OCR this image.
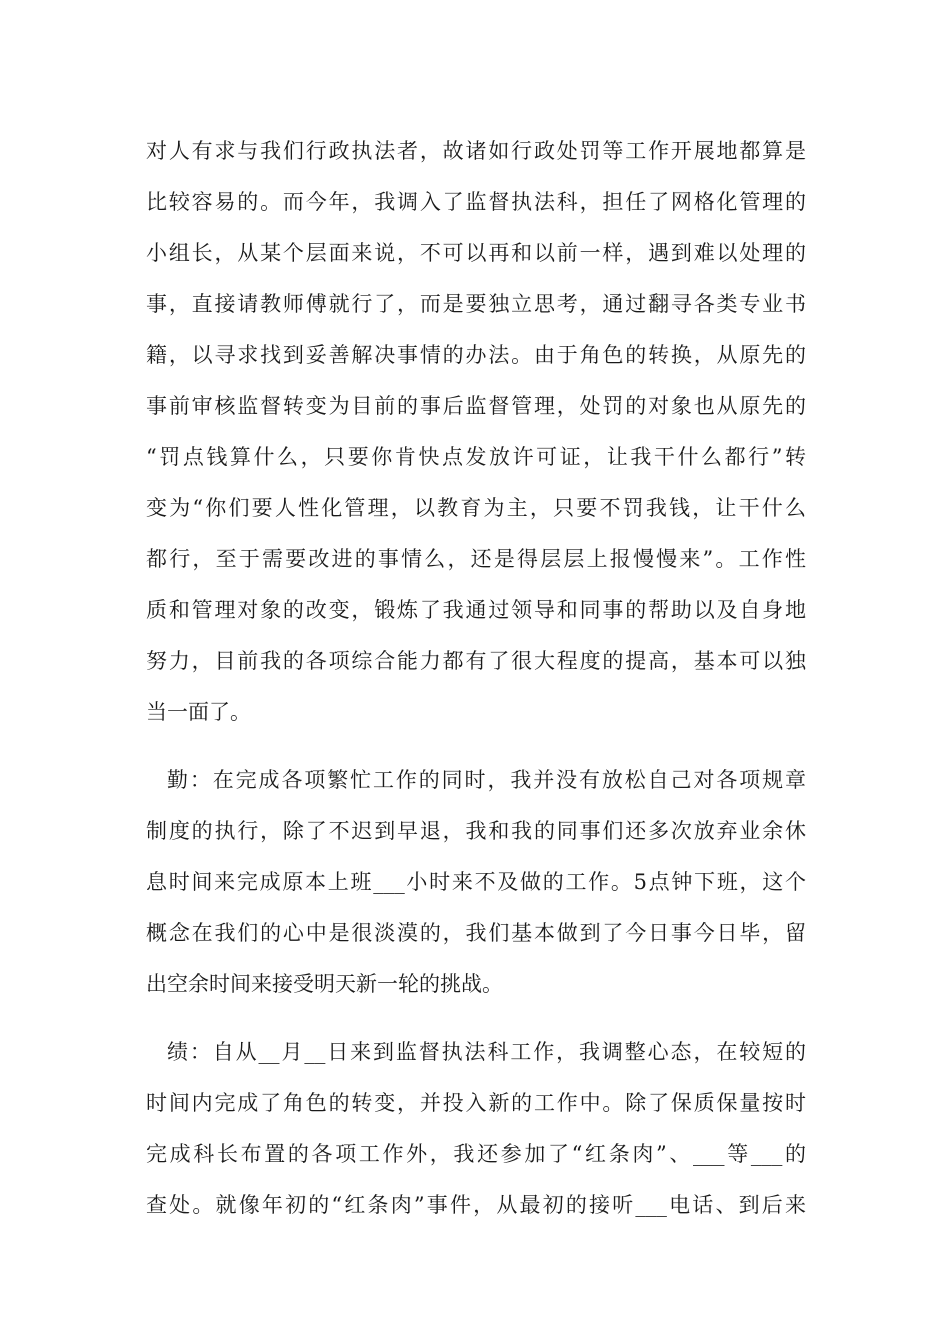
对人有求与我们行政执法者，故诸如行政处罚等工作开展地都算是
比较容易的。而今年，我调入了监督执法科，担任了网格化管理的
小组长，从某个层面来说，不可以再和以前一样，遇到难以处理的
事，直接请教师傅就行了，而是要独立思考，通过翻寻各类专业书
籍，以寻求找到妥善解决事情的办法。由于角色的转换，从原先的
事前审核监督转变为目前的事后监督管理，处罚的对象也从原先的
“罚点钱算什么，只要你肯快点发放许可证，让我干什么都行”转
变为“你们要人性化管理，以教育为主，只要不罚我钱，让干什么
都行，至于需要改进的事情么，还是得层层上报慢慢来”。工作性
质和管理对象的改变，锻炼了我通过领导和同事的帮助以及自身地
努力，目前我的各项综合能力都有了很大程度的提高，基本可以独
当一面了。
勤：在完成各项繁忙工作的同时，我并没有放松自己对各项规章
制度的执行，除了不迟到早退，我和我的同事们还多次放弃业余休
息时间来完成原本上班___小时来不及做的工作。5点钟下班，这个
概念在我们的心中是很淡漠的，我们基本做到了今日事今日毕，留
出空余时间来接受明天新一轮的挑战。
绩：自从__月__日来到监督执法科工作，我调整心态，在较短的
时间内完成了角色的转变，并投入新的工作中。除了保质保量按时
完成科长布置的各项工作外，我还参加了“红条肉”、___等___的
查处。就像年初的“红条肉”事件，从最初的接听___电话、到后来
